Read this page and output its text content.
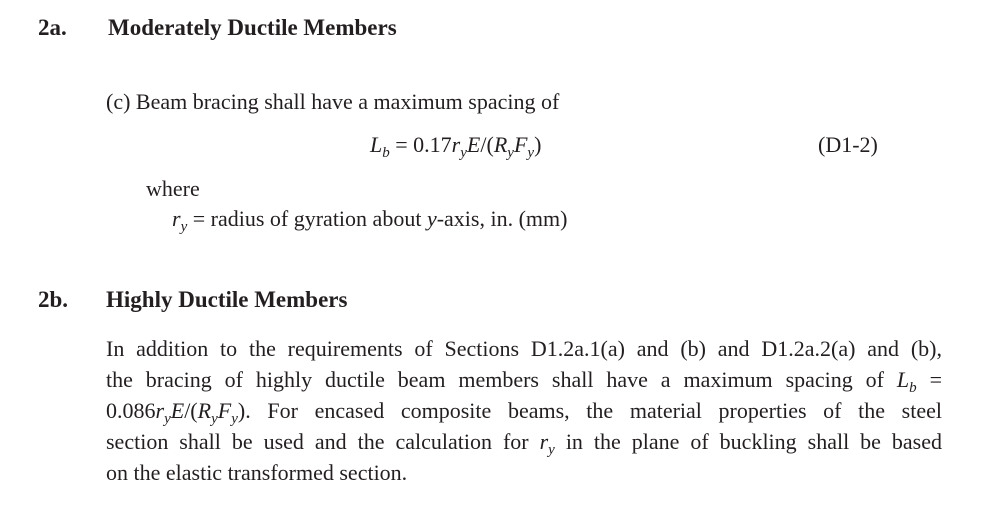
2a. Moderately Ductile Members
(c) Beam bracing shall have a maximum spacing of
$L_b = 0.17r_yE/(R_yF_y)$	(D1-2)
where
$r_y$ = radius of gyration about y-axis, in. (mm)
2b. Highly Ductile Members
In addition to the requirements of Sections D1.2a.1(a) and (b) and D1.2a.2(a) and (b),
the bracing of highly ductile beam members shall have a maximum spacing of $L_b$ =
$0.086r_yE/(R_yF_y)$. For encased composite beams, the material properties of the steel
section shall be used and the calculation for $r_y$ in the plane of buckling shall be based
on the elastic transformed section.
